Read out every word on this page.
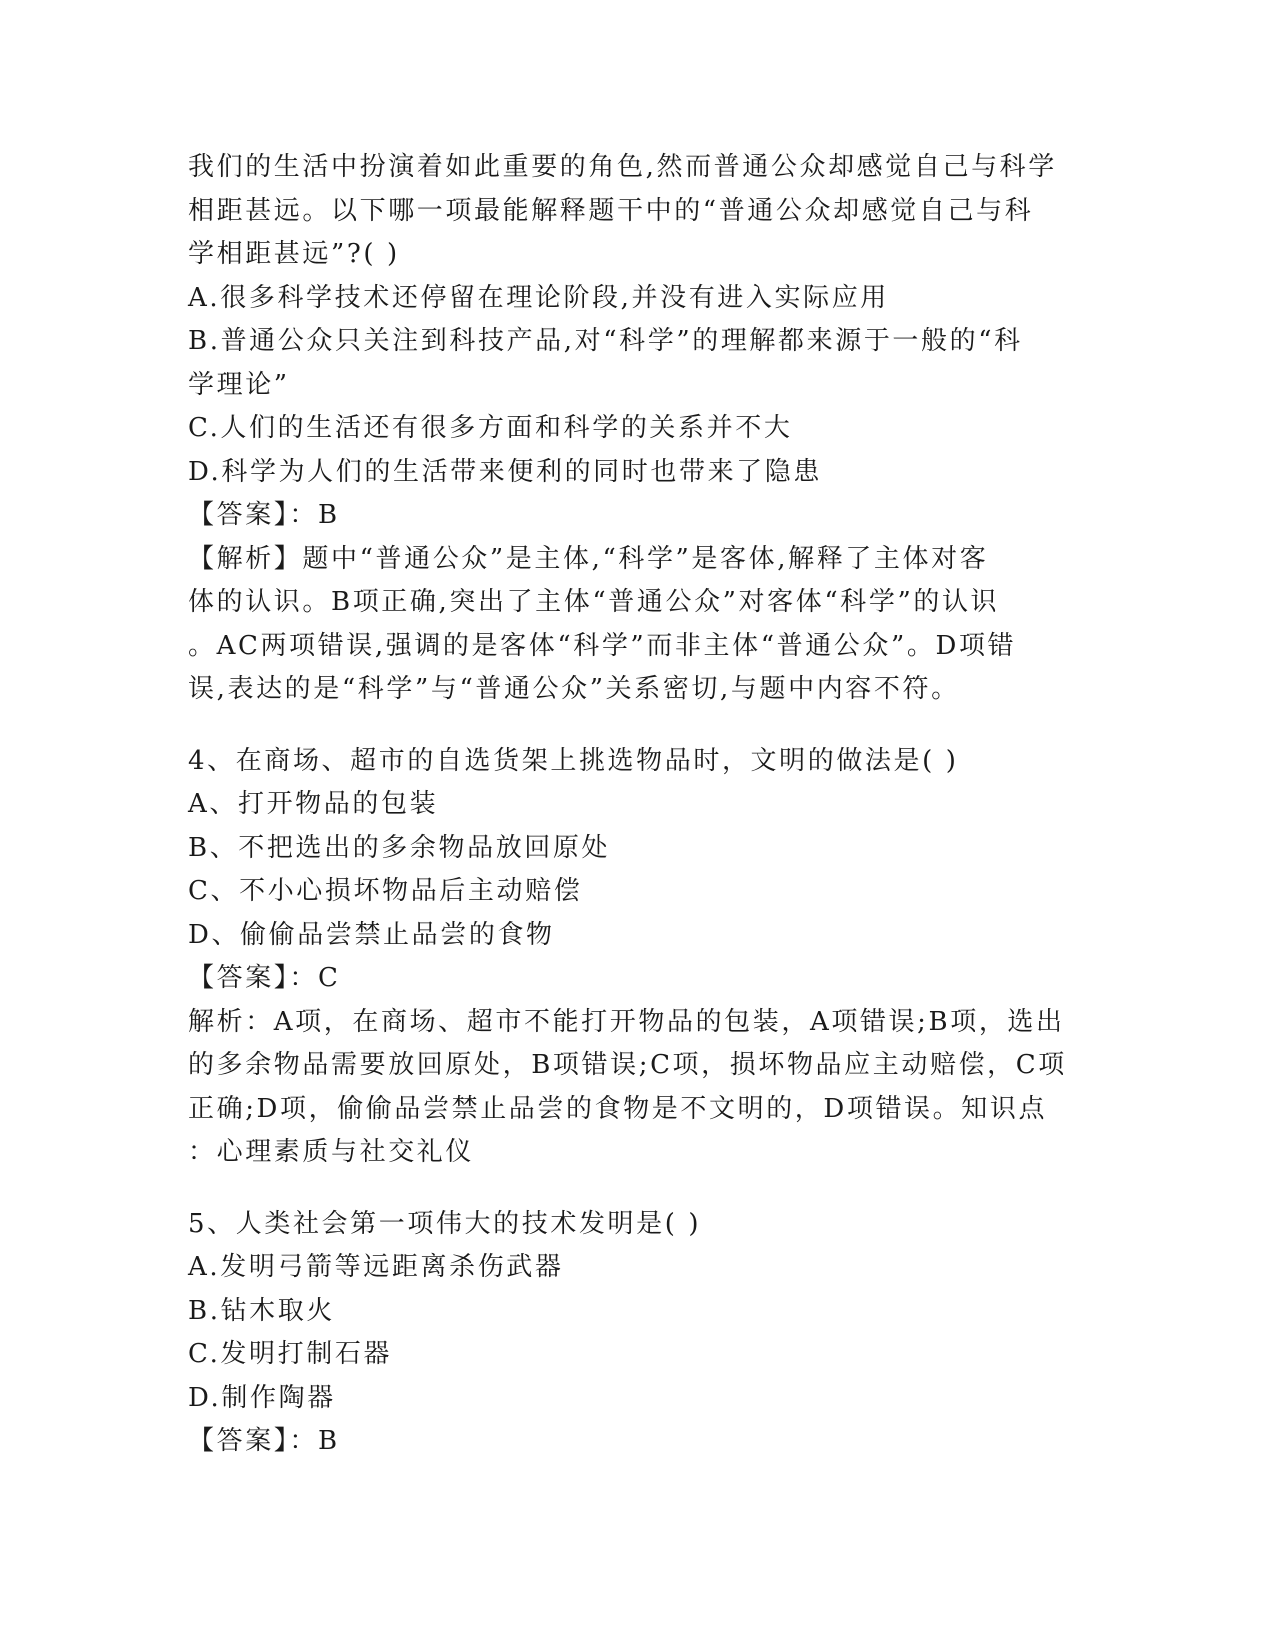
我们的生活中扮演着如此重要的角色,然而普通公众却感觉自己与科学
相距甚远。以下哪一项最能解释题干中的“普通公众却感觉自己与科
学相距甚远”?( )
A.很多科学技术还停留在理论阶段,并没有进入实际应用
B.普通公众只关注到科技产品,对“科学”的理解都来源于一般的“科
学理论”
C.人们的生活还有很多方面和科学的关系并不大
D.科学为人们的生活带来便利的同时也带来了隐患
【答案】：B
【解析】题中“普通公众”是主体,“科学”是客体,解释了主体对客
体的认识。B项正确,突出了主体“普通公众”对客体“科学”的认识
。AC两项错误,强调的是客体“科学”而非主体“普通公众”。D项错
误,表达的是“科学”与“普通公众”关系密切,与题中内容不符。
4、在商场、超市的自选货架上挑选物品时，文明的做法是( )
A、打开物品的包装
B、不把选出的多余物品放回原处
C、不小心损坏物品后主动赔偿
D、偷偷品尝禁止品尝的食物
【答案】：C
解析：A项，在商场、超市不能打开物品的包装，A项错误;B项，选出
的多余物品需要放回原处，B项错误;C项，损坏物品应主动赔偿，C项
正确;D项，偷偷品尝禁止品尝的食物是不文明的，D项错误。知识点
：心理素质与社交礼仪
5、人类社会第一项伟大的技术发明是( )
A.发明弓箭等远距离杀伤武器
B.钻木取火
C.发明打制石器
D.制作陶器
【答案】：B
